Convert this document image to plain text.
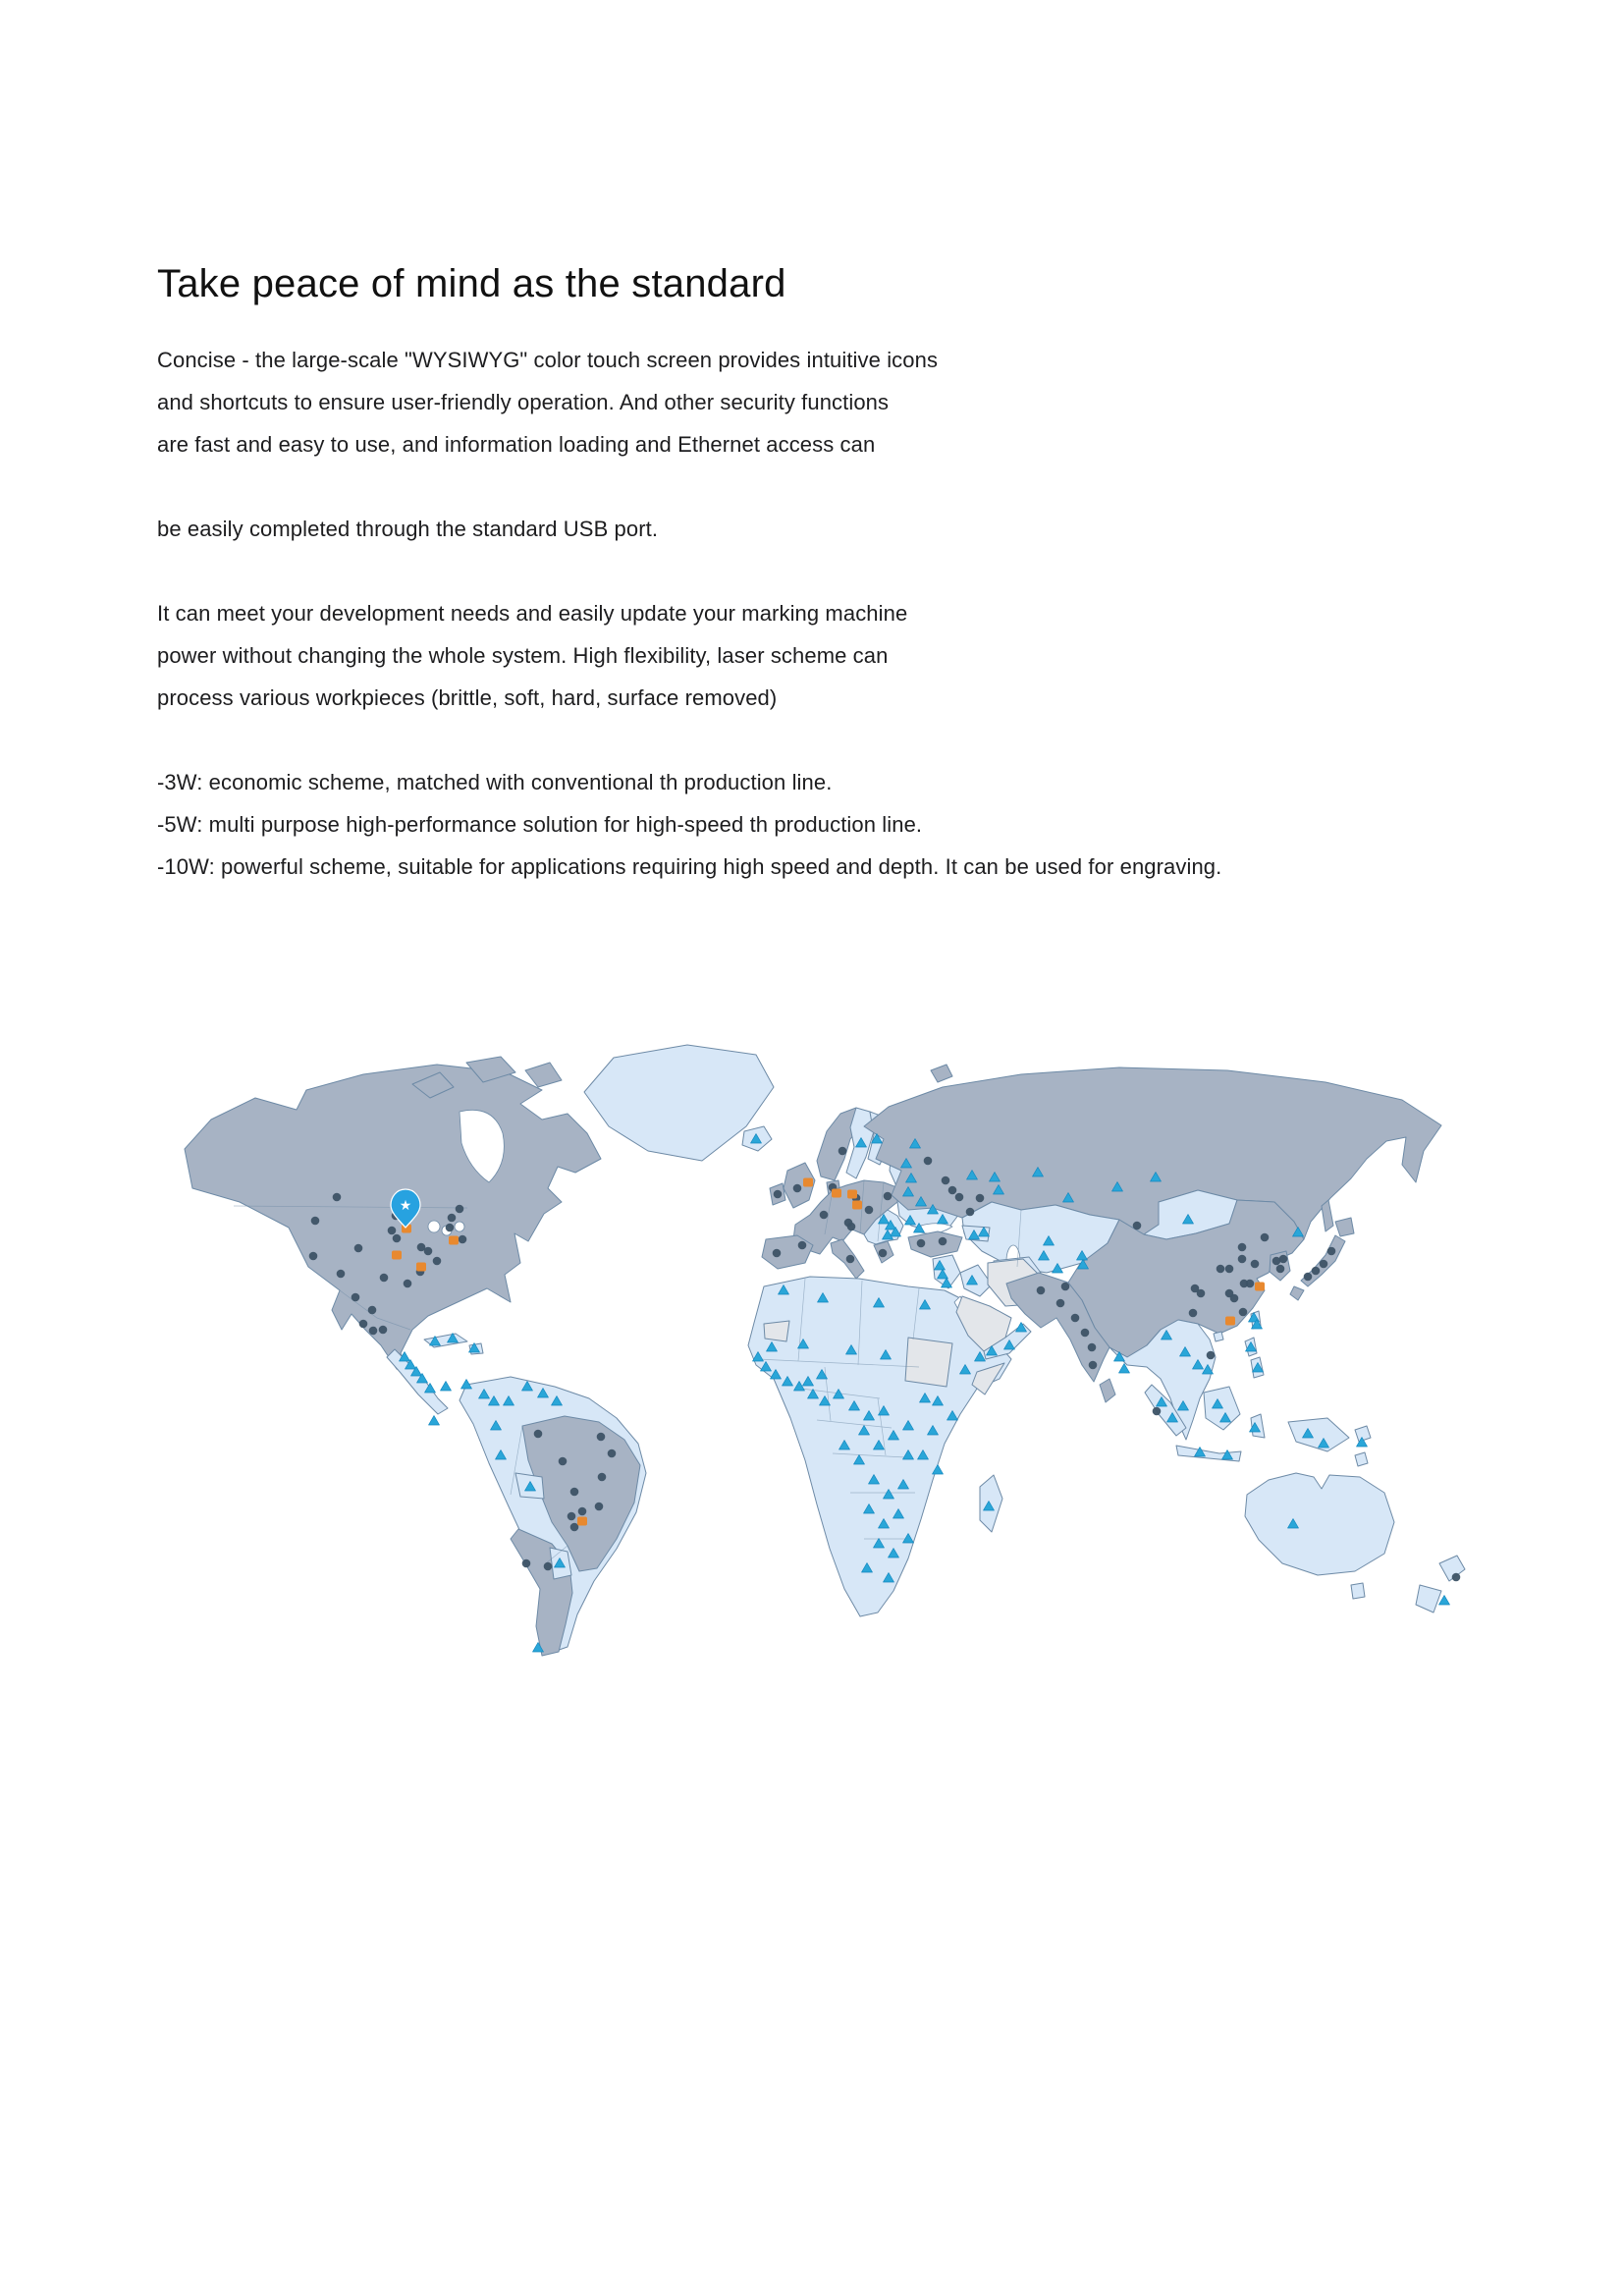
Take peace of mind as the standard
Concise - the large-scale "WYSIWYG" color touch screen provides intuitive icons
and shortcuts to ensure user-friendly operation. And other security functions
are fast and easy to use, and information loading and Ethernet access can
be easily completed through the standard USB port.
It can meet your development needs and easily update your marking machine
power without changing the whole system. High flexibility, laser scheme can
process various workpieces (brittle, soft, hard, surface removed)
-3W: economic scheme, matched with conventional th production line.
-5W: multi purpose high-performance solution for high-speed th production line.
-10W: powerful scheme, suitable for applications requiring high speed and depth. It can be used for engraving.
★
